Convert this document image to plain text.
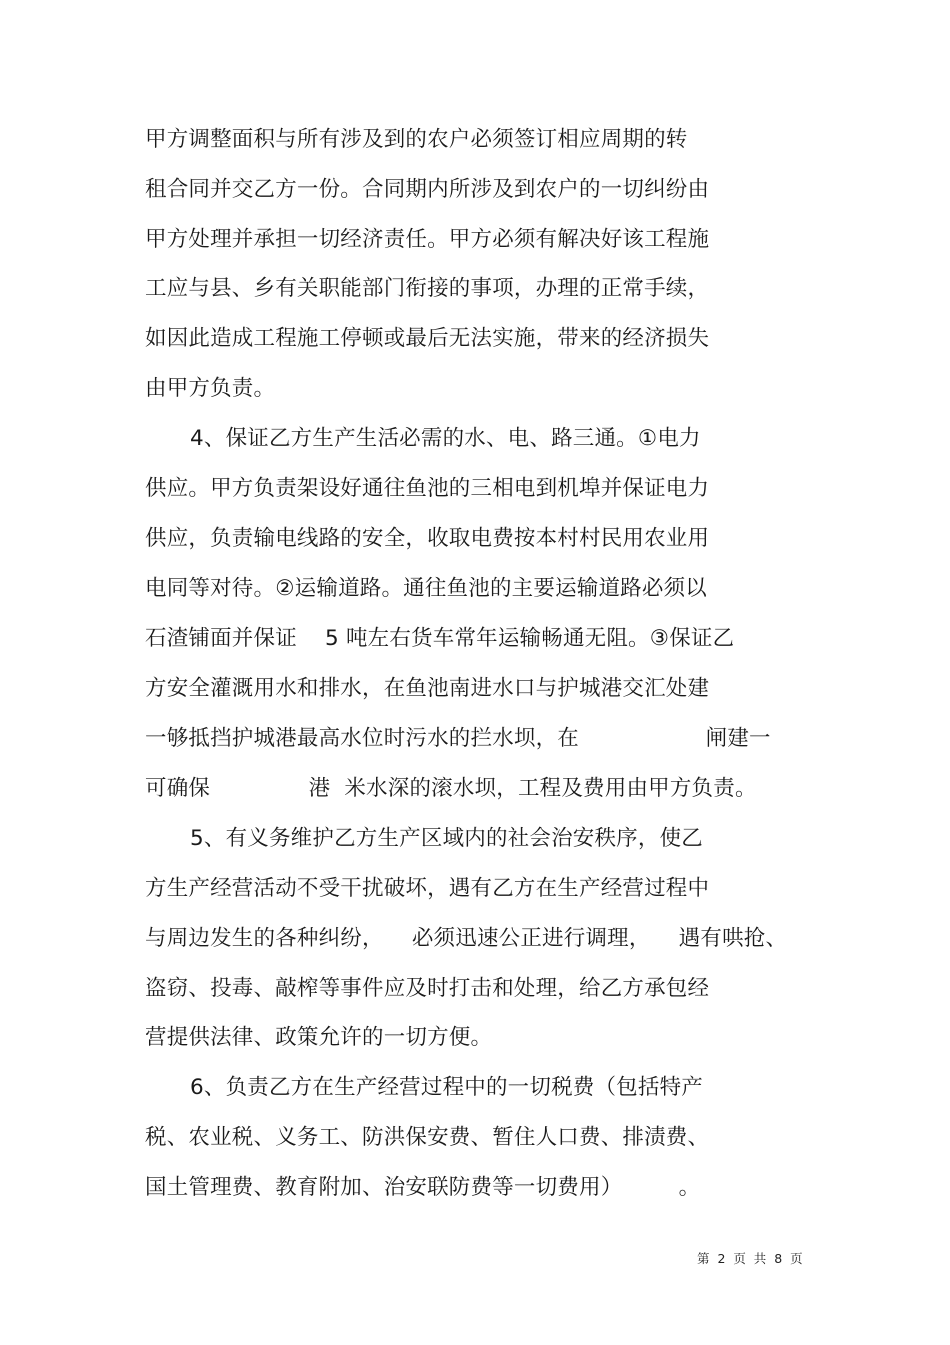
甲方调整面积与所有涉及到的农户必须签订相应周期的转
租合同并交乙方一份。合同期内所涉及到农户的一切纠纷由
甲方处理并承担一切经济责任。甲方必须有解决好该工程施
工应与县、乡有关职能部门衔接的事项，办理的正常手续，
如因此造成工程施工停顿或最后无法实施，带来的经济损失
由甲方负责。
4、保证乙方生产生活必需的水、电、路三通。①电力
供应。甲方负责架设好通往鱼池的三相电到机埠并保证电力
供应，负责输电线路的安全，收取电费按本村村民用农业用
电同等对待。②运输道路。通往鱼池的主要运输道路必须以
石渣铺面并保证    5 吨左右货车常年运输畅通无阻。③保证乙
方安全灌溉用水和排水，在鱼池南进水口与护城港交汇处建
一够抵挡护城港最高水位时污水的拦水坝，在                  闸建一
可确保              港  米水深的滚水坝，工程及费用由甲方负责。
5、有义务维护乙方生产区域内的社会治安秩序，使乙
方生产经营活动不受干扰破坏，遇有乙方在生产经营过程中
与周边发生的各种纠纷，    必须迅速公正进行调理，    遇有哄抢、
盗窃、投毒、敲榨等事件应及时打击和处理，给乙方承包经
营提供法律、政策允许的一切方便。
6、负责乙方在生产经营过程中的一切税费（包括特产
税、农业税、义务工、防洪保安费、暂住人口费、排渍费、
国土管理费、教育附加、治安联防费等一切费用）        。
第  2  页  共  8  页
